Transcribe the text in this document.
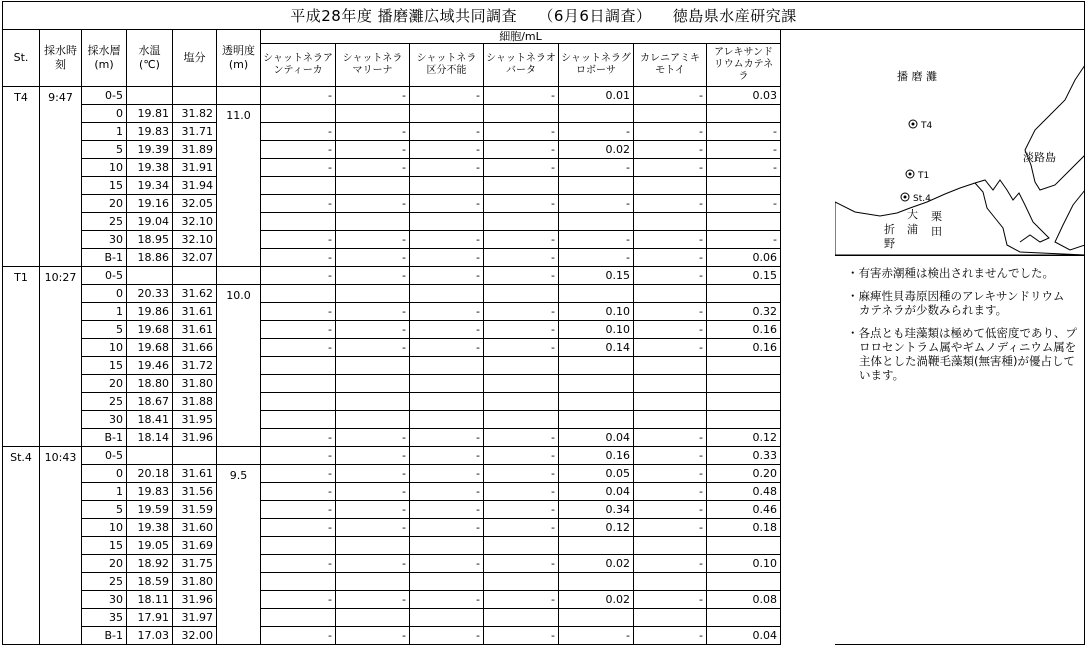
平成28年度 播磨灘広域共同調査 （6月6日調査） 徳島県水産研究課
St.	採水時刻	採水層(m)	水温(℃)	塩分	透明度(m)	細胞/mL						
						シャットネラアンティーカ	シャットネラマリーナ	シャットネラ区分不能	シャットネラオバータ	シャットネラグロボーサ	カレニアミキモトイ	アレキサンドリウムカテネラ
T4	9:47	0-5				-	-	-	-	0.01	-	0.03
		0	19.81	31.82	11.0							
		1	19.83	31.71		-	-	-	-	-	-	-
		5	19.39	31.89		-	-	-	-	0.02	-	-
		10	19.38	31.91		-	-	-	-	-	-	-
		15	19.34	31.94								
		20	19.16	32.05		-	-	-	-	-	-	-
		25	19.04	32.10								
		30	18.95	32.10		-	-	-	-	-	-	-
		B-1	18.86	32.07		-	-	-	-	-	-	0.06
T1	10:27	0-5				-	-	-	-	0.15	-	0.15
		0	20.33	31.62	10.0							
		1	19.86	31.61		-	-	-	-	0.10	-	0.32
		5	19.68	31.61		-	-	-	-	0.10	-	0.16
		10	19.68	31.66		-	-	-	-	0.14	-	0.16
		15	19.46	31.72								
		20	18.80	31.80								
		25	18.67	31.88								
		30	18.41	31.95								
		B-1	18.14	31.96		-	-	-	-	0.04	-	0.12
St.4	10:43	0-5				-	-	-	-	0.16	-	0.33
		0	20.18	31.61	9.5	-	-	-	-	0.05	-	0.20
		1	19.83	31.56		-	-	-	-	0.04	-	0.48
		5	19.59	31.59		-	-	-	-	0.34	-	0.46
		10	19.38	31.60		-	-	-	-	0.12	-	0.18
		15	19.05	31.69								
		20	18.92	31.75		-	-	-	-	0.02	-	0.10
		25	18.59	31.80								
		30	18.11	31.96		-	-	-	-	0.02	-	0.08
		35	17.91	31.97								
		B-1	17.03	32.00		-	-	-	-	-	-	0.04
播 磨 灘
淡路島
T4
T1
St.4
大
浦
栗
田
折
野

・有害赤潮種は検出されませんでした。

・麻痺性貝毒原因種のアレキサンドリウム カテネラが少数みられます。

・各点とも珪藻類は極めて低密度であり、プロロセントラム属やギムノディニウム属を主体とした渦鞭毛藻類(無害種)が優占しています。
